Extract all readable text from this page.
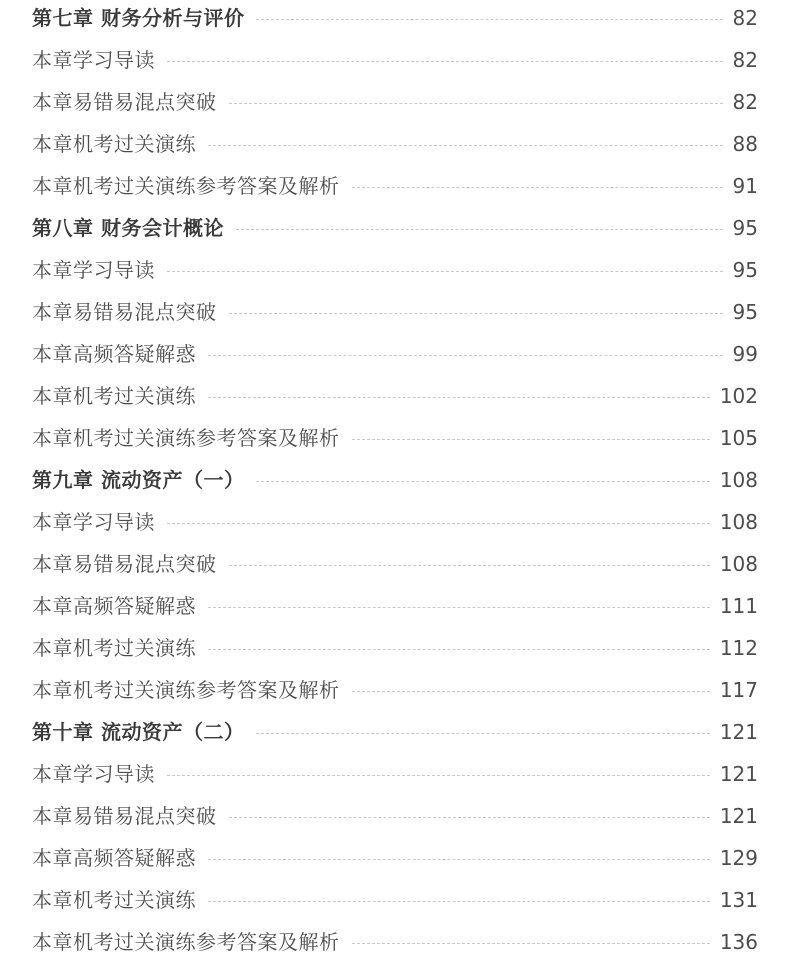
第七章 财务分析与评价	82
本章学习导读	82
本章易错易混点突破	82
本章机考过关演练	88
本章机考过关演练参考答案及解析	91
第八章 财务会计概论	95
本章学习导读	95
本章易错易混点突破	95
本章高频答疑解惑	99
本章机考过关演练	102
本章机考过关演练参考答案及解析	105
第九章 流动资产（一）	108
本章学习导读	108
本章易错易混点突破	108
本章高频答疑解惑	111
本章机考过关演练	112
本章机考过关演练参考答案及解析	117
第十章 流动资产（二）	121
本章学习导读	121
本章易错易混点突破	121
本章高频答疑解惑	129
本章机考过关演练	131
本章机考过关演练参考答案及解析	136
